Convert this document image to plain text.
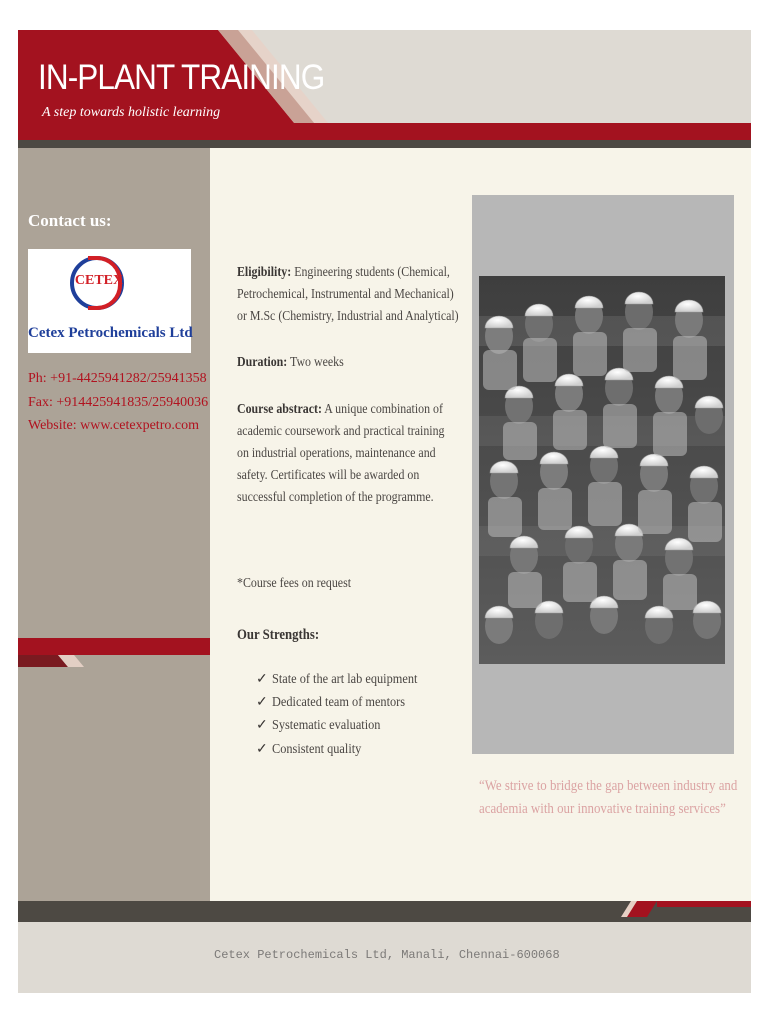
IN-PLANT TRAINING
A step towards holistic learning
Contact us:
CETEX
Cetex Petrochemicals Ltd
Ph: +91-4425941282/25941358
Fax: +914425941835/25940036
Website: www.cetexpetro.com
Eligibility: Engineering students (Chemical,
Petrochemical, Instrumental and Mechanical)
or M.Sc (Chemistry, Industrial and Analytical)
Duration: Two weeks
Course abstract: A unique combination of
academic coursework and practical training
on industrial operations, maintenance and
safety. Certificates will be awarded on
successful completion of the programme.
*Course fees on request
Our Strengths:
✓ State of the art lab equipment
✓ Dedicated team of mentors
✓ Systematic evaluation
✓ Consistent quality
“We strive to bridge the gap between industry and
academia with our innovative training services”
Cetex Petrochemicals Ltd, Manali, Chennai-600068
